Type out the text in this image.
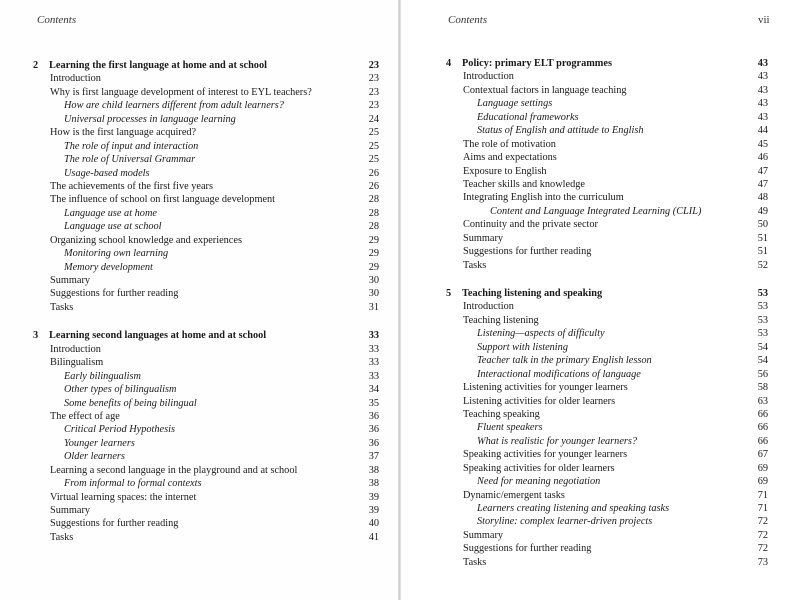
Contents
2 Learning the first language at home and at school	23
Introduction	23
Why is first language development of interest to EYL teachers?	23
How are child learners different from adult learners?	23
Universal processes in language learning	24
How is the first language acquired?	25
The role of input and interaction	25
The role of Universal Grammar	25
Usage-based models	26
The achievements of the first five years	26
The influence of school on first language development	28
Language use at home	28
Language use at school	28
Organizing school knowledge and experiences	29
Monitoring own learning	29
Memory development	29
Summary	30
Suggestions for further reading	30
Tasks	31
3 Learning second languages at home and at school	33
Introduction	33
Bilingualism	33
Early bilingualism	33
Other types of bilingualism	34
Some benefits of being bilingual	35
The effect of age	36
Critical Period Hypothesis	36
Younger learners	36
Older learners	37
Learning a second language in the playground and at school	38
From informal to formal contexts	38
Virtual learning spaces: the internet	39
Summary	39
Suggestions for further reading	40
Tasks	41
Contents	vii
4 Policy: primary ELT programmes	43
Introduction	43
Contextual factors in language teaching	43
Language settings	43
Educational frameworks	43
Status of English and attitude to English	44
The role of motivation	45
Aims and expectations	46
Exposure to English	47
Teacher skills and knowledge	47
Integrating English into the curriculum	48
Content and Language Integrated Learning (CLIL)	49
Continuity and the private sector	50
Summary	51
Suggestions for further reading	51
Tasks	52
5 Teaching listening and speaking	53
Introduction	53
Teaching listening	53
Listening—aspects of difficulty	53
Support with listening	54
Teacher talk in the primary English lesson	54
Interactional modifications of language	56
Listening activities for younger learners	58
Listening activities for older learners	63
Teaching speaking	66
Fluent speakers	66
What is realistic for younger learners?	66
Speaking activities for younger learners	67
Speaking activities for older learners	69
Need for meaning negotiation	69
Dynamic/emergent tasks	71
Learners creating listening and speaking tasks	71
Storyline: complex learner-driven projects	72
Summary	72
Suggestions for further reading	72
Tasks	73
